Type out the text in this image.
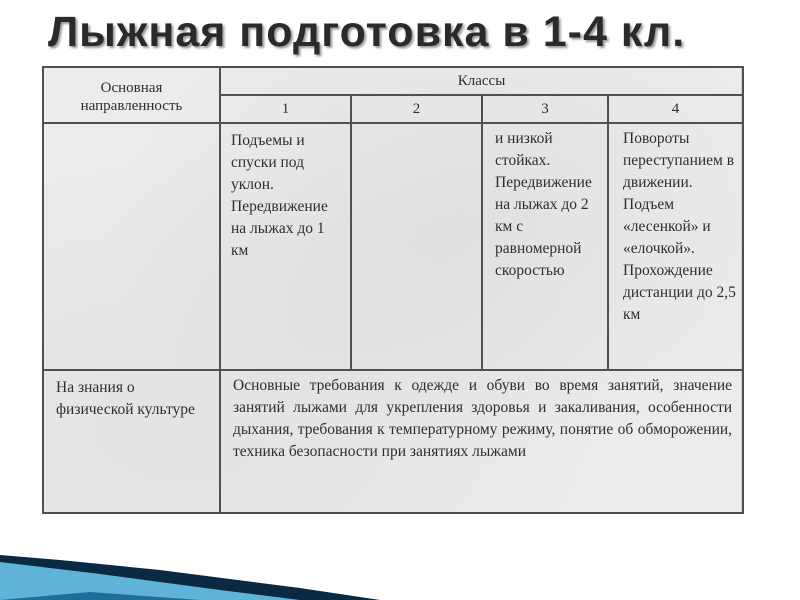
Лыжная подготовка в 1-4 кл.
Основная направленность	Классы			
	1	2	3	4
	Подъемы и спуски под уклон. Передвижение на лыжах до 1 км		и низкой стойках. Передвижение на лыжах до 2 км с равномерной скоростью	Повороты переступанием в движении. Подъем «лесенкой» и «елочкой». Прохождение дистанции до 2,5 км
На знания о физической культуре	Основные требования к одежде и обуви во время занятий, значение занятий лыжами для укрепления здоровья и закаливания, особенности дыхания, требования к температурному режиму, понятие об обморожении, техника безопасности при занятиях лыжами			
